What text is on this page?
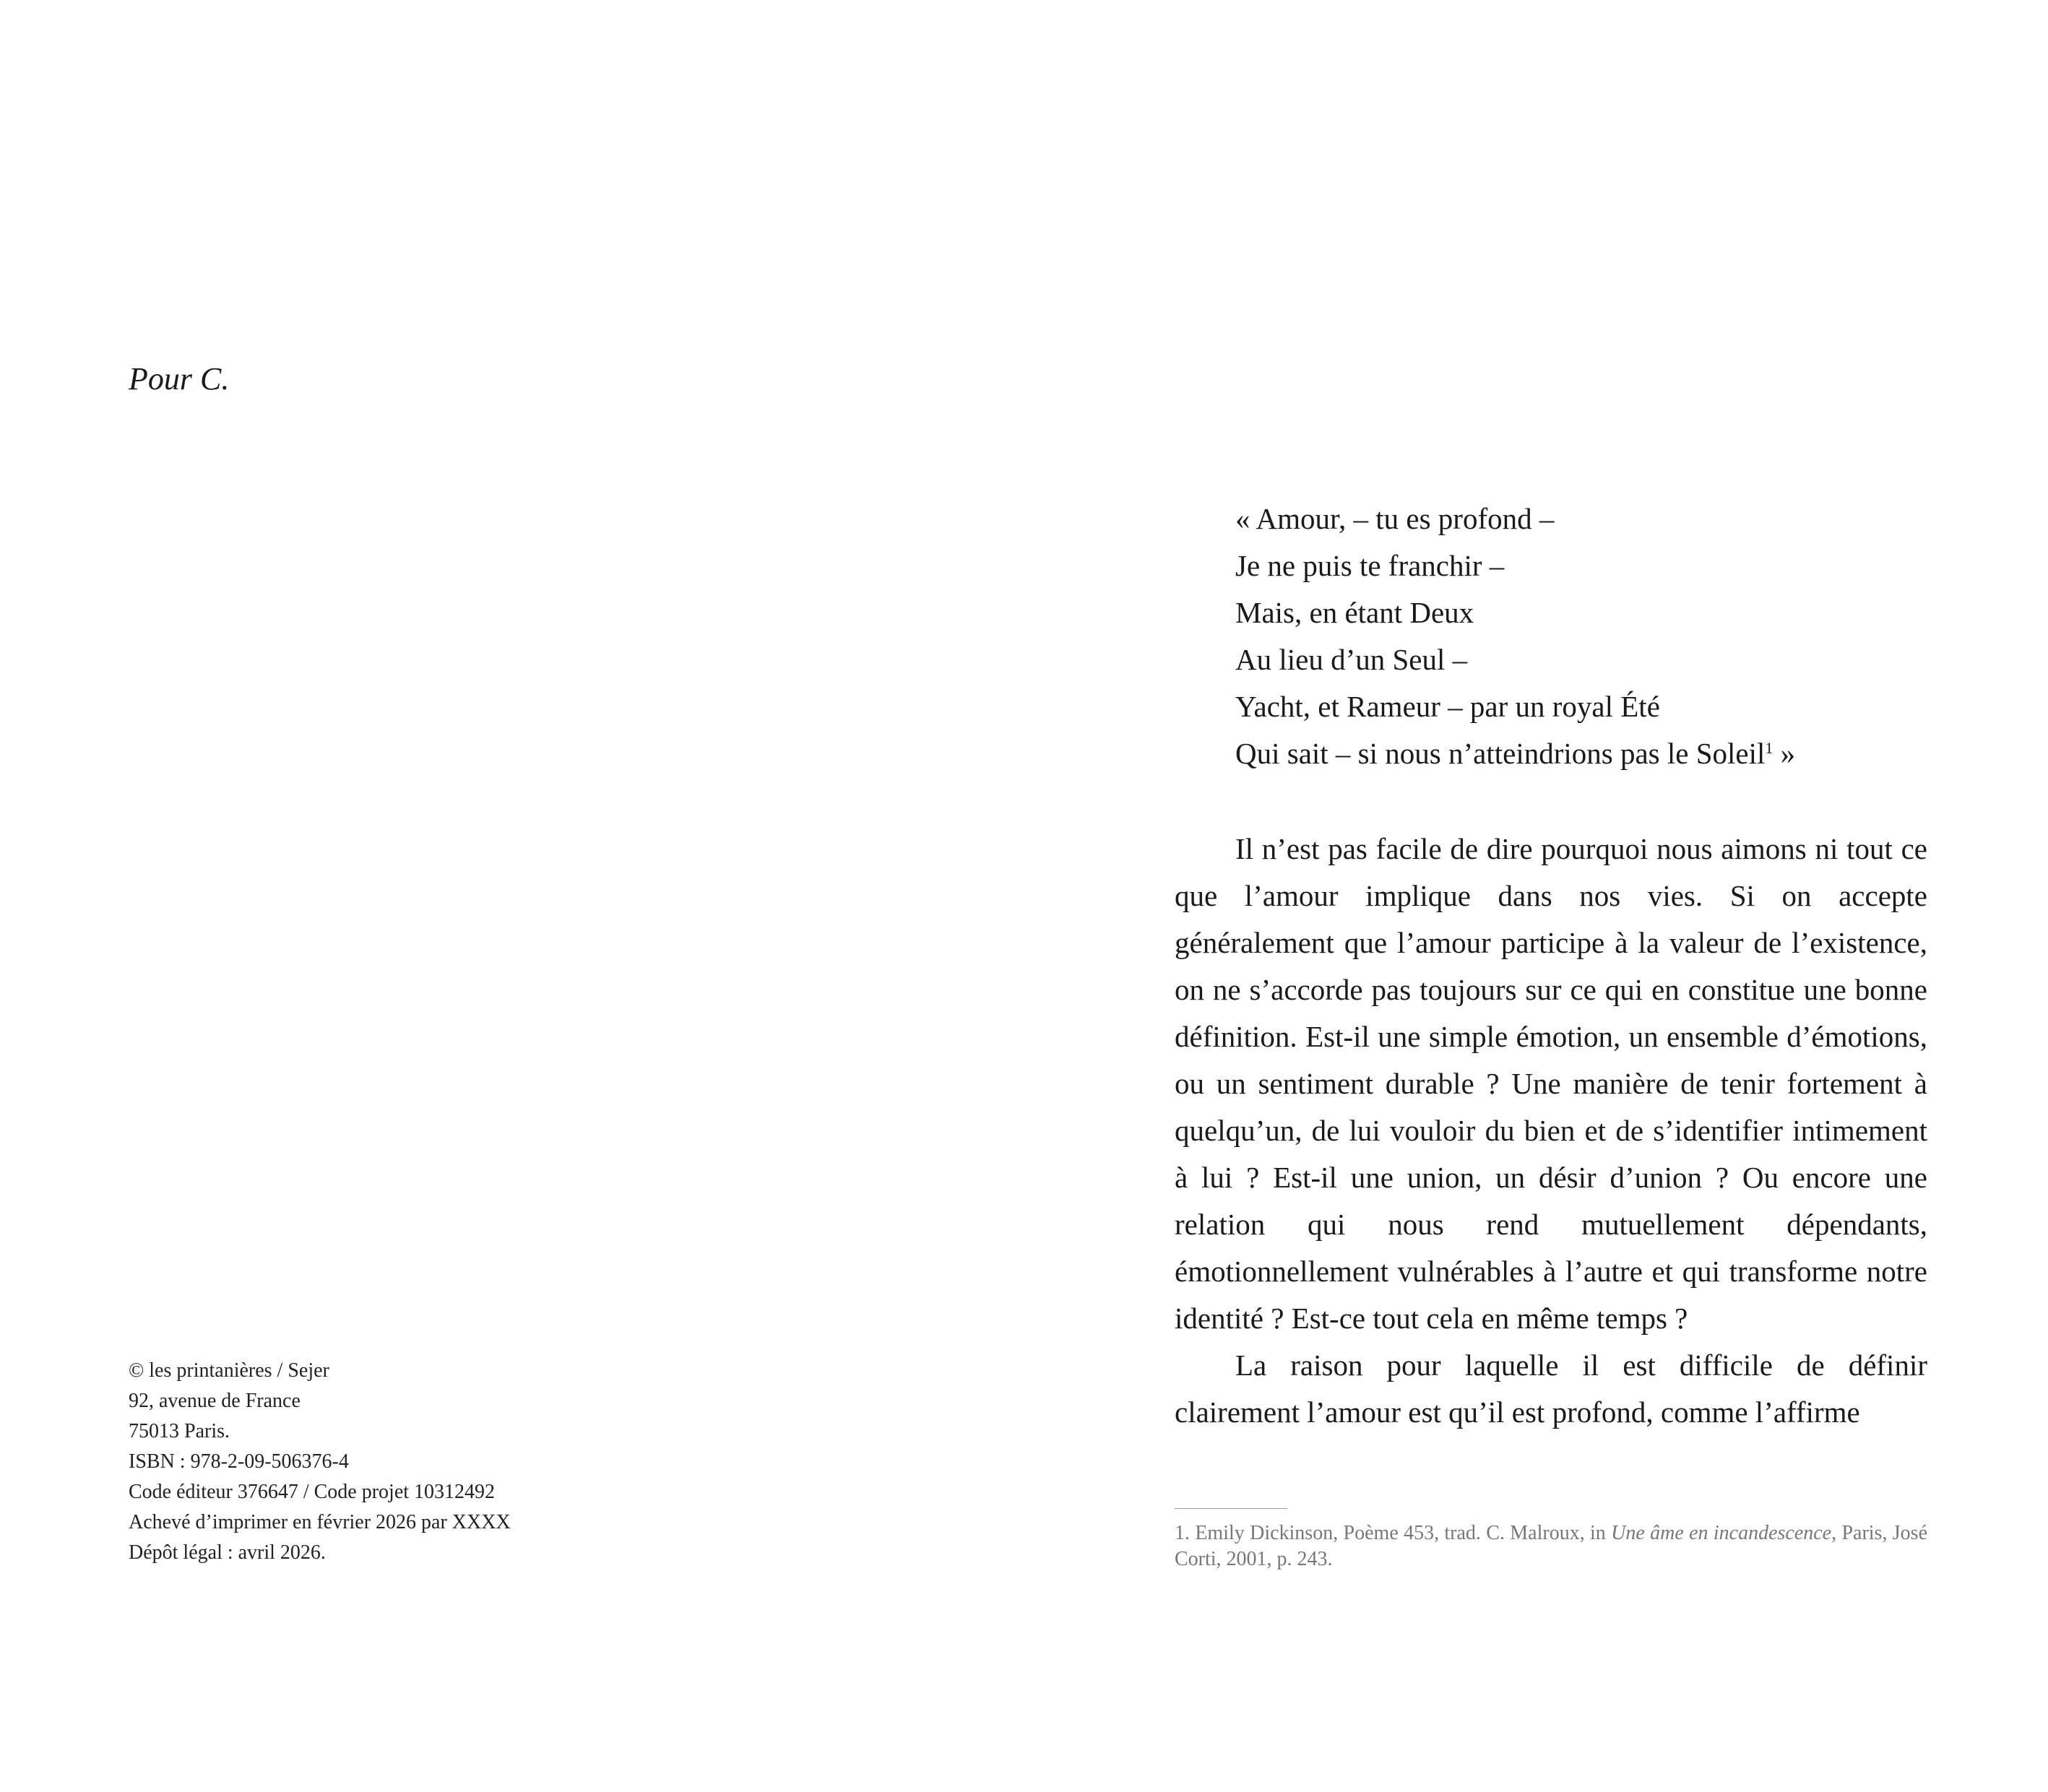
Pour C.

© les printanières / Sejer
92, avenue de France
75013 Paris.
ISBN : 978-2-09-506376-4
Code éditeur 376647 / Code projet 10312492
Achevé d’imprimer en février 2026 par XXXX
Dépôt légal : avril 2026.
« Amour, – tu es profond –
Je ne puis te franchir –
Mais, en étant Deux
Au lieu d’un Seul –
Yacht, et Rameur – par un royal Été
Qui sait – si nous n’atteindrions pas le Soleil$^1$ »

Il n’est pas facile de dire pourquoi nous aimons ni tout ce que l’amour implique dans nos vies. Si on accepte généralement que l’amour participe à la valeur de l’existence, on ne s’accorde pas toujours sur ce qui en constitue une bonne définition. Est-il une simple émotion, un ensemble d’émotions, ou un sentiment durable ? Une manière de tenir fortement à quelqu’un, de lui vouloir du bien et de s’identifier intimement à lui ? Est-il une union, un désir d’union ? Ou encore une relation qui nous rend mutuellement dépendants, émotionnellement vulnérables à l’autre et qui transforme notre identité ? Est-ce tout cela en même temps ?

La raison pour laquelle il est difficile de définir clairement l’amour est qu’il est profond, comme l’affirme

1. Emily Dickinson, Poème 453, trad. C. Malroux, in Une âme en incandescence, Paris, José Corti, 2001, p. 243.
